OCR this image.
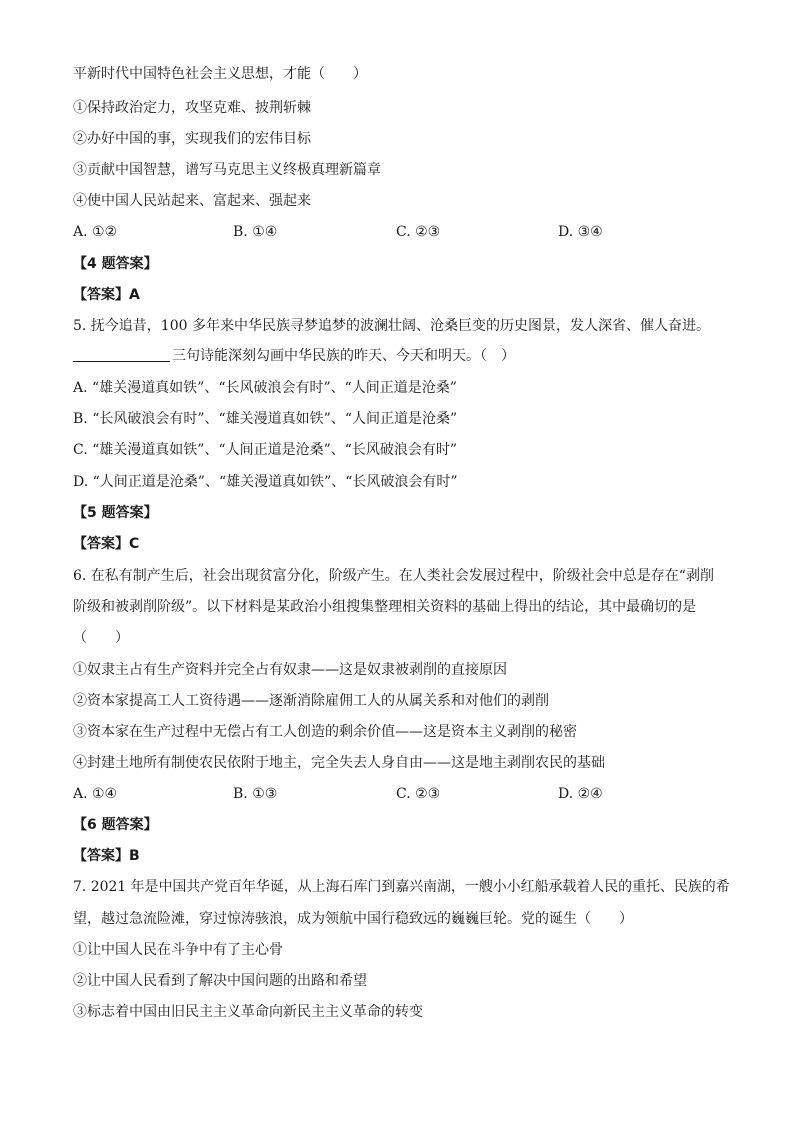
平新时代中国特色社会主义思想，才能（　　）
①保持政治定力，攻坚克难、披荆斩棘
②办好中国的事，实现我们的宏伟目标
③贡献中国智慧，谱写马克思主义终极真理新篇章
④使中国人民站起来、富起来、强起来
A. ①②	B. ①④	C. ②③	D. ③④
【4 题答案】
【答案】A
5. 抚今追昔，100 多年来中华民族寻梦追梦的波澜壮阔、沧桑巨变的历史图景，发人深省、催人奋进。
三句诗能深刻勾画中华民族的昨天、今天和明天。（　）
A. “雄关漫道真如铁”、“长风破浪会有时”、“人间正道是沧桑”
B. “长风破浪会有时”、“雄关漫道真如铁”、“人间正道是沧桑”
C. “雄关漫道真如铁”、“人间正道是沧桑”、“长风破浪会有时”
D. “人间正道是沧桑”、“雄关漫道真如铁”、“长风破浪会有时”
【5 题答案】
【答案】C
6. 在私有制产生后，社会出现贫富分化，阶级产生。在人类社会发展过程中，阶级社会中总是存在“剥削
阶级和被剥削阶级”。以下材料是某政治小组搜集整理相关资料的基础上得出的结论，其中最确切的是
（　　）
①奴隶主占有生产资料并完全占有奴隶——这是奴隶被剥削的直接原因
②资本家提高工人工资待遇——逐渐消除雇佣工人的从属关系和对他们的剥削
③资本家在生产过程中无偿占有工人创造的剩余价值——这是资本主义剥削的秘密
④封建土地所有制使农民依附于地主，完全失去人身自由——这是地主剥削农民的基础
A. ①④	B. ①③	C. ②③	D. ②④
【6 题答案】
【答案】B
7. 2021 年是中国共产党百年华诞，从上海石库门到嘉兴南湖，一艘小小红船承载着人民的重托、民族的希
望，越过急流险滩，穿过惊涛骇浪，成为领航中国行稳致远的巍巍巨轮。党的诞生（　　）
①让中国人民在斗争中有了主心骨
②让中国人民看到了解决中国问题的出路和希望
③标志着中国由旧民主主义革命向新民主主义革命的转变
